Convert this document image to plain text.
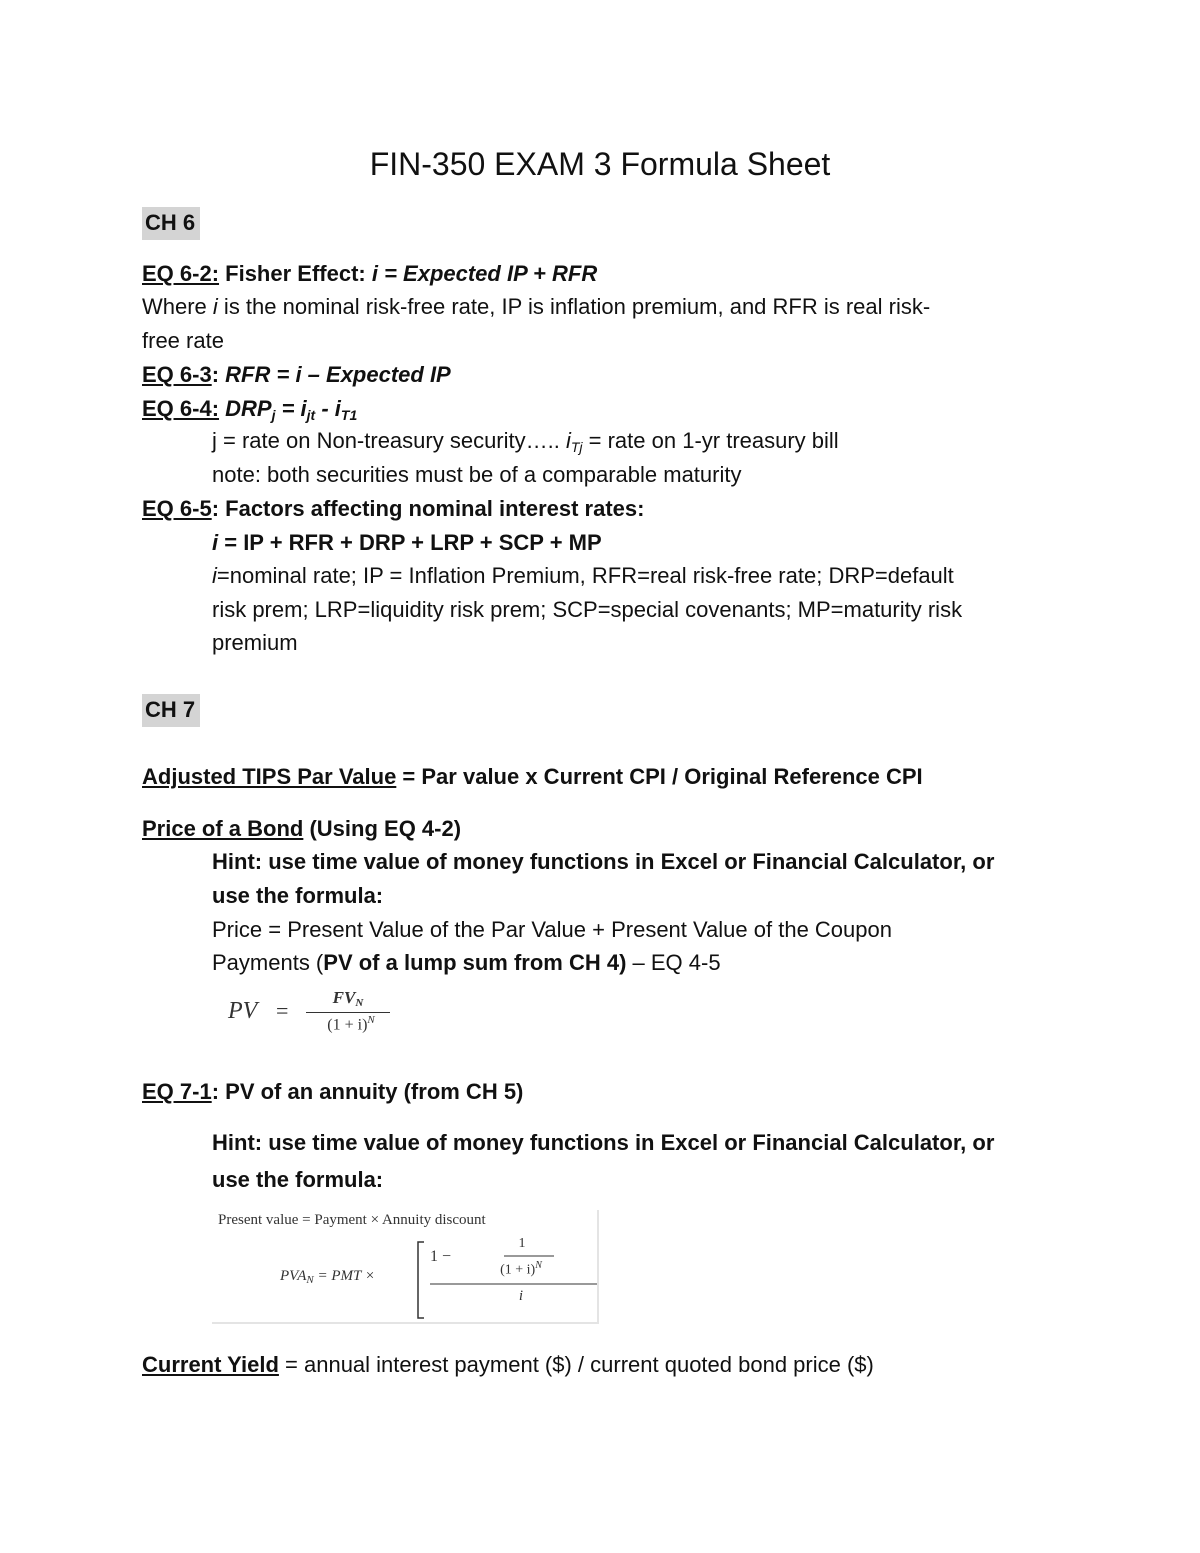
FIN-350 EXAM 3 Formula Sheet
CH 6
EQ 6-2: Fisher Effect: i = Expected IP + RFR
Where i is the nominal risk-free rate, IP is inflation premium, and RFR is real risk-
free rate
EQ 6-3: RFR = i – Expected IP
EQ 6-4: $DRP_j = i_{jt} - i_{T1}$
j = rate on Non-treasury security….. $i_{Tj}$ = rate on 1-yr treasury bill
note: both securities must be of a comparable maturity
EQ 6-5: Factors affecting nominal interest rates:
i = IP + RFR + DRP + LRP + SCP + MP
i=nominal rate; IP = Inflation Premium, RFR=real risk-free rate; DRP=default
risk prem; LRP=liquidity risk prem; SCP=special covenants; MP=maturity risk
premium
CH 7
Adjusted TIPS Par Value = Par value x Current CPI / Original Reference CPI
Price of a Bond (Using EQ 4-2)
Hint: use time value of money functions in Excel or Financial Calculator, or
use the formula:
Price = Present Value of the Par Value + Present Value of the Coupon
Payments (PV of a lump sum from CH 4) – EQ 4-5
PV =
$FV_N$
$(1 + i)^N$
EQ 7-1: PV of an annuity (from CH 5)
Hint: use time value of money functions in Excel or Financial Calculator, or
use the formula:
Present value = Payment × Annuity discount
$PVA_N$ = PMT ×
1 −
1
$(1 + i)^N$
i
Current Yield = annual interest payment ($) / current quoted bond price ($)
